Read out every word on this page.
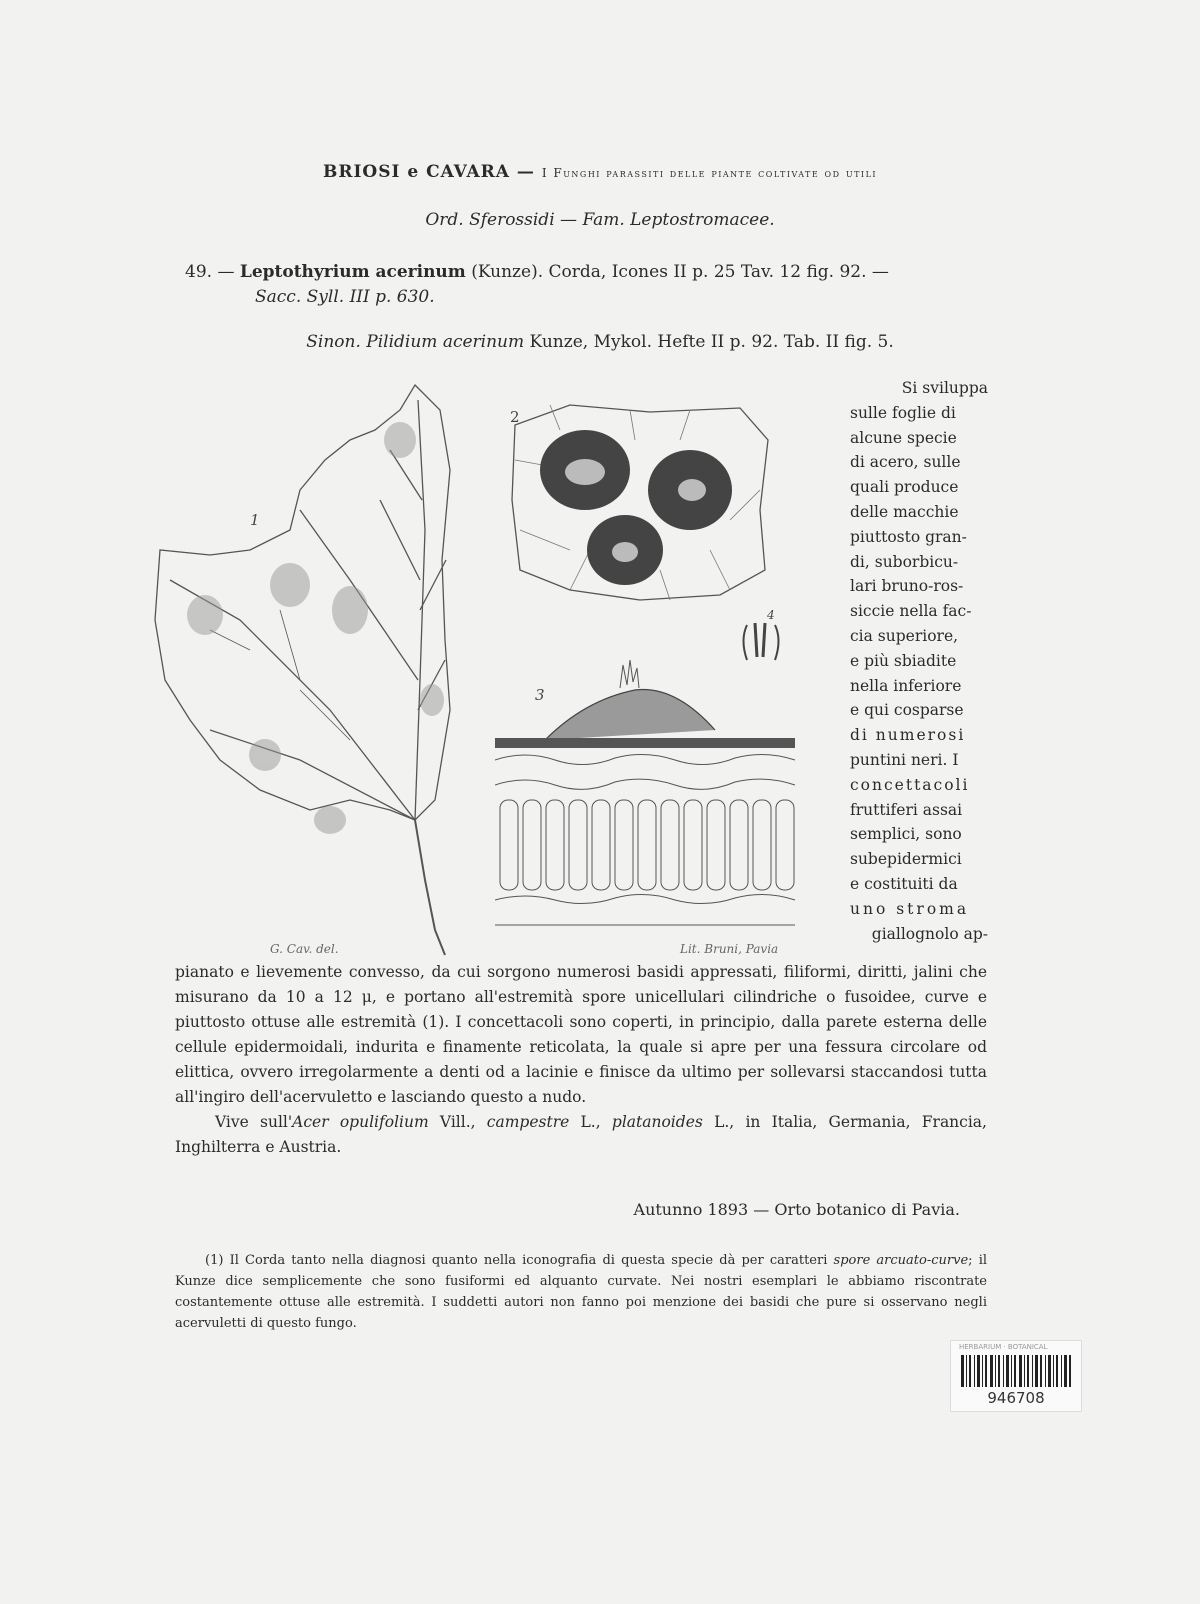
BRIOSI e CAVARA — I Funghi parassiti delle piante coltivate od utili
Ord. Sferossidi — Fam. Leptostromacee.
49. — Leptothyrium acerinum (Kunze). Corda, Icones II p. 25 Tav. 12 fig. 92. —
Sacc. Syll. III p. 630.
Sinon. Pilidium acerinum Kunze, Mykol. Hefte II p. 92. Tab. II fig. 5.
1
G. Cav. del.	Lit. Bruni, Pavia
2
4
3
Si sviluppa
sulle foglie di
alcune specie
di acero, sulle
quali produce
delle macchie
piuttosto gran-
di, suborbicu-
lari bruno-ros-
siccie nella fac-
cia superiore,
e più sbiadite
nella inferiore
e qui cosparse
di numerosi
puntini neri. I
concettacoli
fruttiferi assai
semplici, sono
subepidermici
e costituiti da
uno stroma
giallognolo ap-

pianato e lievemente convesso, da cui sorgono numerosi basidi appressati, filiformi, diritti, jalini che misurano da 10 a 12 μ, e portano all'estremità spore unicellulari cilindriche o fusoidee, curve e piuttosto ottuse alle estremità (1). I concettacoli sono coperti, in principio, dalla parete esterna delle cellule epidermoidali, indurita e finamente reticolata, la quale si apre per una fessura circolare od elittica, ovvero irregolarmente a denti od a lacinie e finisce da ultimo per sollevarsi staccandosi tutta all'ingiro dell'acervuletto e lasciando questo a nudo.

Vive sull'Acer opulifolium Vill., campestre L., platanoides L., in Italia, Germania, Francia, Inghilterra e Austria.

Autunno 1893 — Orto botanico di Pavia.
(1) Il Corda tanto nella diagnosi quanto nella iconografia di questa specie dà per caratteri spore arcuato-curve; il Kunze dice semplicemente che sono fusiformi ed alquanto curvate. Nei nostri esemplari le abbiamo riscontrate costantemente ottuse alle estremità. I suddetti autori non fanno poi menzione dei basidi che pure si osservano negli acervuletti di questo fungo.
HERBARIUM · BOTANICAL
946708
